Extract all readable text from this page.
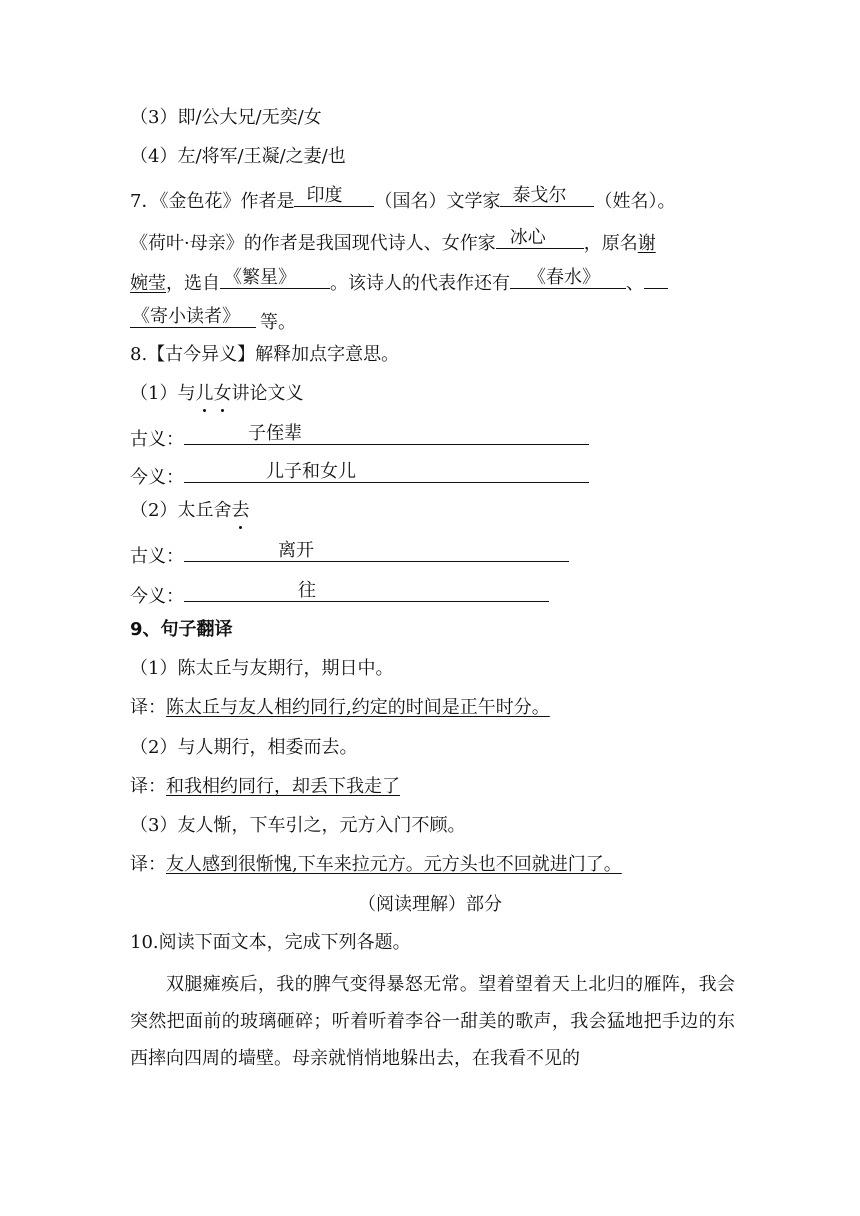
（3）即/公大兄/无奕/女
（4）左/将军/王凝/之妻/也
7．《金色花》作者是 印度 （国名）文学家 泰戈尔 （姓名）。
《荷叶·母亲》的作者是我国现代诗人、女作家 冰心 ，原名谢
婉莹，选自 《繁星》 。该诗人的代表作还有 《春水》 、
《寄小读者》 等。
8.【古今异义】解释加点字意思。
（1）与儿女讲论文义
古义：	子侄辈
今义：	儿子和女儿
（2）太丘舍去
古义：	离开
今义：	往
9、句子翻译
（1）陈太丘与友期行，期日中。
译：陈太丘与友人相约同行,约定的时间是正午时分。
（2）与人期行，相委而去。
译：和我相约同行，却丢下我走了
（3）友人惭，下车引之，元方入门不顾。
译：友人感到很惭愧,下车来拉元方。元方头也不回就进门了。
（阅读理解）部分
10.阅读下面文本，完成下列各题。
双腿瘫痪后，我的脾气变得暴怒无常。望着望着天上北归的雁阵，我会突然把面前的玻璃砸碎；听着听着李谷一甜美的歌声，我会猛地把手边的东西摔向四周的墙壁。母亲就悄悄地躲出去，在我看不见的
